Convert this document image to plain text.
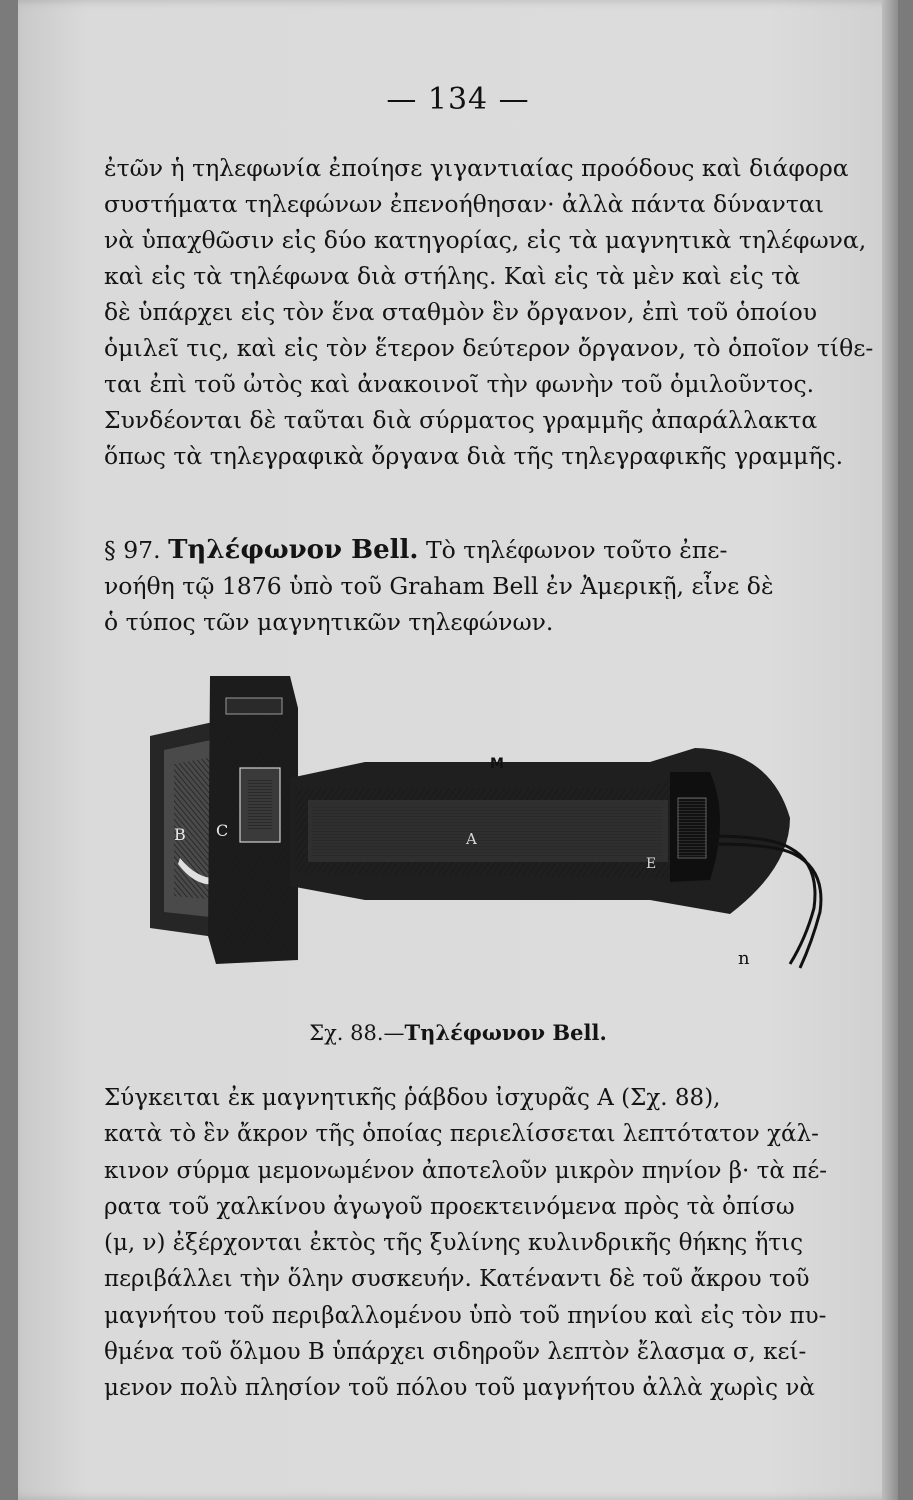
— 134 —
ἐτῶν ἡ τηλεφωνία ἐποίησε γιγαντιαίας προόδους καὶ διάφορα
συστήματα τηλεφώνων ἐπενοήθησαν· ἀλλὰ πάντα δύνανται
νὰ ὑπαχθῶσιν εἰς δύο κατηγορίας, εἰς τὰ μαγνητικὰ τηλέφωνα,
καὶ εἰς τὰ τηλέφωνα διὰ στήλης. Καὶ εἰς τὰ μὲν καὶ εἰς τὰ
δὲ ὑπάρχει εἰς τὸν ἕνα σταθμὸν ἓν ὄργανον, ἐπὶ τοῦ ὁποίου
ὁμιλεῖ τις, καὶ εἰς τὸν ἕτερον δεύτερον ὄργανον, τὸ ὁποῖον τίθε-
ται ἐπὶ τοῦ ὠτὸς καὶ ἀνακοινοῖ τὴν φωνὴν τοῦ ὁμιλοῦντος.
Συνδέονται δὲ ταῦται διὰ σύρματος γραμμῆς ἀπαράλλακτα
ὅπως τὰ τηλεγραφικὰ ὄργανα διὰ τῆς τηλεγραφικῆς γραμμῆς.
§ 97. Τηλέφωνον Bell. Τὸ τηλέφωνον τοῦτο ἐπε-
νοήθη τῷ 1876 ὑπὸ τοῦ Graham Bell ἐν Ἀμερικῇ, εἶνε δὲ
ὁ τύπος τῶν μαγνητικῶν τηλεφώνων.
M
B C	A
E
n
Σχ. 88.—Τηλέφωνον Bell.
Σύγκειται ἐκ μαγνητικῆς ῥάβδου ἰσχυρᾶς Α (Σχ. 88),
κατὰ τὸ ἓν ἄκρον τῆς ὁποίας περιελίσσεται λεπτότατον χάλ-
κινον σύρμα μεμονωμένον ἀποτελοῦν μικρὸν πηνίον β· τὰ πέ-
ρατα τοῦ χαλκίνου ἀγωγοῦ προεκτεινόμενα πρὸς τὰ ὀπίσω
(μ, ν) ἐξέρχονται ἐκτὸς τῆς ξυλίνης κυλινδρικῆς θήκης ἥτις
περιβάλλει τὴν ὅλην συσκευήν. Κατέναντι δὲ τοῦ ἄκρου τοῦ
μαγνήτου τοῦ περιβαλλομένου ὑπὸ τοῦ πηνίου καὶ εἰς τὸν πυ-
θμένα τοῦ ὅλμου Β ὑπάρχει σιδηροῦν λεπτὸν ἔλασμα σ, κεί-
μενον πολὺ πλησίον τοῦ πόλου τοῦ μαγνήτου ἀλλὰ χωρὶς νὰ
